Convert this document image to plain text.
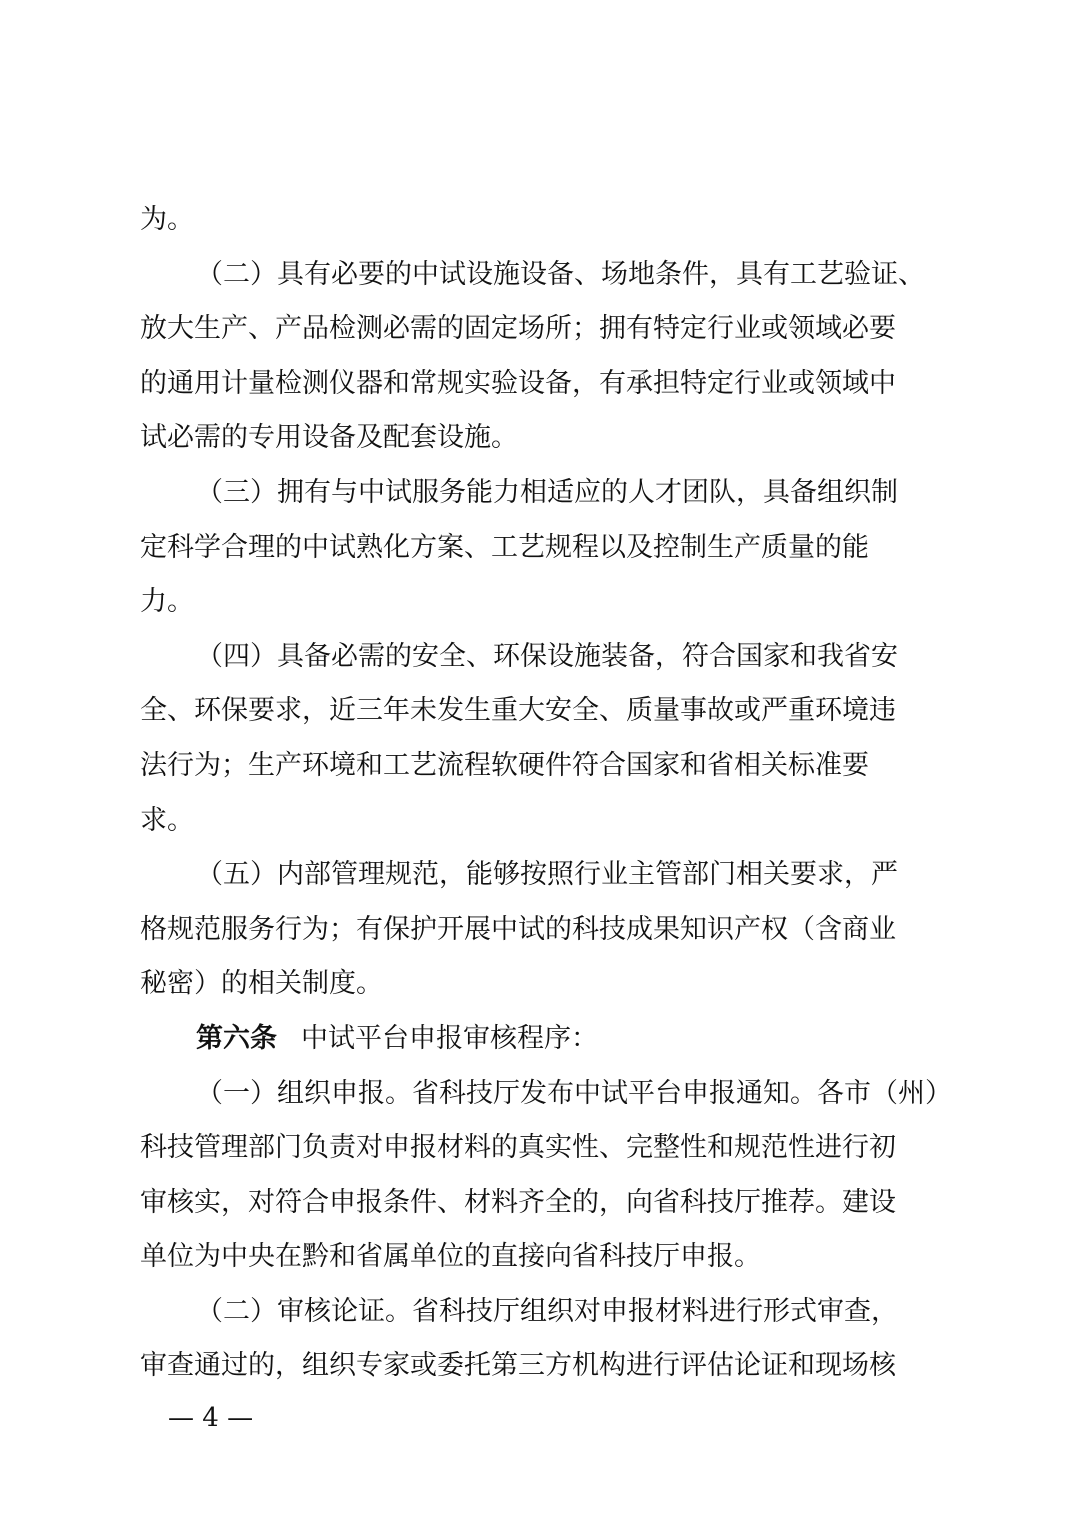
为。
（二）具有必要的中试设施设备、场地条件，具有工艺验证、
放大生产、产品检测必需的固定场所；拥有特定行业或领域必要
的通用计量检测仪器和常规实验设备，有承担特定行业或领域中
试必需的专用设备及配套设施。
（三）拥有与中试服务能力相适应的人才团队，具备组织制
定科学合理的中试熟化方案、工艺规程以及控制生产质量的能
力。
（四）具备必需的安全、环保设施装备，符合国家和我省安
全、环保要求，近三年未发生重大安全、质量事故或严重环境违
法行为；生产环境和工艺流程软硬件符合国家和省相关标准要
求。
（五）内部管理规范，能够按照行业主管部门相关要求，严
格规范服务行为；有保护开展中试的科技成果知识产权（含商业
秘密）的相关制度。
第六条 中试平台申报审核程序：
（一）组织申报。省科技厅发布中试平台申报通知。各市（州）
科技管理部门负责对申报材料的真实性、完整性和规范性进行初
审核实，对符合申报条件、材料齐全的，向省科技厅推荐。建设
单位为中央在黔和省属单位的直接向省科技厅申报。
（二）审核论证。省科技厅组织对申报材料进行形式审查，
审查通过的，组织专家或委托第三方机构进行评估论证和现场核
— 4 —
